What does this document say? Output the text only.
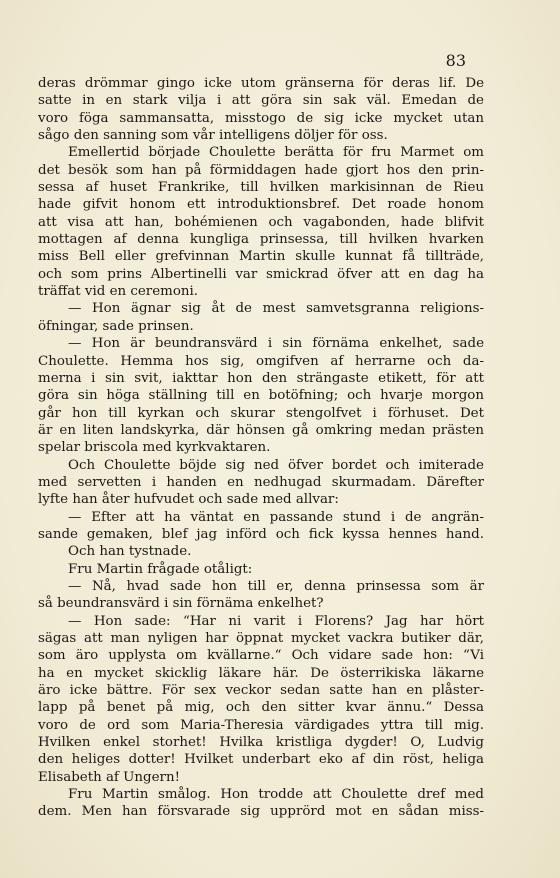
83
deras drömmar gingo icke utom gränserna för deras lif. De
satte in en stark vilja i att göra sin sak väl. Emedan de
voro föga sammansatta, misstogo de sig icke mycket utan
sågo den sanning som vår intelligens döljer för oss.
Emellertid började Choulette berätta för fru Marmet om
det besök som han på förmiddagen hade gjort hos den prin-
sessa af huset Frankrike, till hvilken markisinnan de Rieu
hade gifvit honom ett introduktionsbref. Det roade honom
att visa att han, bohémienen och vagabonden, hade blifvit
mottagen af denna kungliga prinsessa, till hvilken hvarken
miss Bell eller grefvinnan Martin skulle kunnat få tillträde,
och som prins Albertinelli var smickrad öfver att en dag ha
träffat vid en ceremoni.
— Hon ägnar sig åt de mest samvetsgranna religions-
öfningar, sade prinsen.
— Hon är beundransvärd i sin förnäma enkelhet, sade
Choulette. Hemma hos sig, omgifven af herrarne och da-
merna i sin svit, iakttar hon den strängaste etikett, för att
göra sin höga ställning till en botöfning; och hvarje morgon
går hon till kyrkan och skurar stengolfvet i förhuset. Det
är en liten landskyrka, där hönsen gå omkring medan prästen
spelar briscola med kyrkvaktaren.
Och Choulette böjde sig ned öfver bordet och imiterade
med servetten i handen en nedhugad skurmadam. Därefter
lyfte han åter hufvudet och sade med allvar:
— Efter att ha väntat en passande stund i de angrän-
sande gemaken, blef jag införd och fick kyssa hennes hand.
Och han tystnade.
Fru Martin frågade otåligt:
— Nå, hvad sade hon till er, denna prinsessa som är
så beundransvärd i sin förnäma enkelhet?
— Hon sade: “Har ni varit i Florens? Jag har hört
sägas att man nyligen har öppnat mycket vackra butiker där,
som äro upplysta om kvällarne.“ Och vidare sade hon: “Vi
ha en mycket skicklig läkare här. De österrikiska läkarne
äro icke bättre. För sex veckor sedan satte han en plåster-
lapp på benet på mig, och den sitter kvar ännu.“ Dessa
voro de ord som Maria-Theresia värdigades yttra till mig.
Hvilken enkel storhet! Hvilka kristliga dygder! O, Ludvig
den heliges dotter! Hvilket underbart eko af din röst, heliga
Elisabeth af Ungern!
Fru Martin smålog. Hon trodde att Choulette dref med
dem. Men han försvarade sig upprörd mot en sådan miss-
